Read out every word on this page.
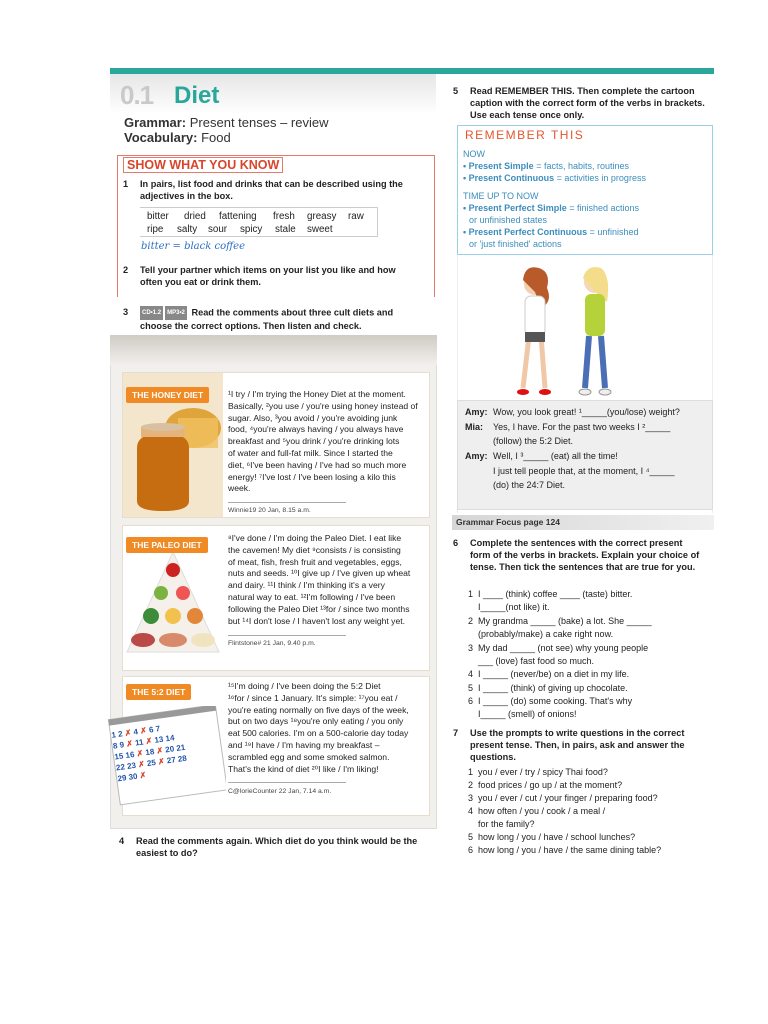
0.1 Diet
Grammar: Present tenses – review
Vocabulary: Food
SHOW WHAT YOU KNOW
1 In pairs, list food and drinks that can be described using the adjectives in the box.
bitter dried fattening fresh greasy raw
ripe salty sour spicy stale sweet
bitter = black coffee
2 Tell your partner which items on your list you like and how often you eat or drink them.
3 CD•1.2 MP3•2 Read the comments about three cult diets and choose the correct options. Then listen and check.
THE HONEY DIET	¹I try / I'm trying the Honey Diet at the moment.
Basically, ²you use / you're using honey instead of
sugar. Also, ³you avoid / you're avoiding junk
food, ⁴you're always having / you always have
breakfast and ⁵you drink / you're drinking lots
of water and full-fat milk. Since I started the
diet, ⁶I've been having / I've had so much more
energy! ⁷I've lost / I've been losing a kilo this
week.
Winnie19 20 Jan, 8.15 a.m.
THE PALEO DIET
⁸I've done / I'm doing the Paleo Diet. I eat like
the cavemen! My diet ⁹consists / is consisting
of meat, fish, fresh fruit and vegetables, eggs,
nuts and seeds. ¹⁰I give up / I've given up wheat
and dairy. ¹¹I think / I'm thinking it's a very
natural way to eat. ¹²I'm following / I've been
following the Paleo Diet ¹³for / since two months
but ¹⁴I don't lose / I haven't lost any weight yet.
Flintstone# 21 Jan, 9.40 p.m.
1 2 ✗ 4 ✗ 6 7
8 9 ✗ 11 ✗ 13 14
15 16 ✗ 18 ✗ 20 21
22 23 ✗ 25 ✗ 27 28
29 30 ✗
THE 5:2 DIET
¹⁵I'm doing / I've been doing the 5:2 Diet
¹⁶for / since 1 January. It's simple: ¹⁷you eat /
you're eating normally on five days of the week,
but on two days ¹⁸you're only eating / you only
eat 500 calories. I'm on a 500-calorie day today
and ¹⁹I have / I'm having my breakfast –
scrambled egg and some smoked salmon.
That's the kind of diet ²⁰I like / I'm liking!
C@lorieCounter 22 Jan, 7.14 a.m.
4 Read the comments again. Which diet do you think would be the easiest to do?
5 Read REMEMBER THIS. Then complete the cartoon caption with the correct form of the verbs in brackets. Use each tense once only.
REMEMBER THIS
NOW
• Present Simple = facts, habits, routines
• Present Continuous = activities in progress
TIME UP TO NOW
• Present Perfect Simple = finished actions
or unfinished states
• Present Perfect Continuous = unfinished
or 'just finished' actions
Amy: Wow, you look great! ¹_____(you/lose) weight?
Mia: Yes, I have. For the past two weeks I ²_____
(follow) the 5:2 Diet.
Amy: Well, I ³_____ (eat) all the time!
I just tell people that, at the moment, I ⁴_____
(do) the 24:7 Diet.
Grammar Focus page 124
6 Complete the sentences with the correct present form of the verbs in brackets. Explain your choice of tense. Then tick the sentences that are true for you.
1  I ____ (think) coffee ____ (taste) bitter.
I_____(not like) it.
2  My grandma _____ (bake) a lot. She _____
(probably/make) a cake right now.
3  My dad _____ (not see) why young people
___ (love) fast food so much.
4  I _____ (never/be) on a diet in my life.
5  I _____ (think) of giving up chocolate.
6  I _____ (do) some cooking. That's why
I_____ (smell) of onions!
7 Use the prompts to write questions in the correct present tense. Then, in pairs, ask and answer the questions.
1  you / ever / try / spicy Thai food?
2  food prices / go up / at the moment?
3  you / ever / cut / your finger / preparing food?
4  how often / you / cook / a meal /
for the family?
5  how long / you / have / school lunches?
6  how long / you / have / the same dining table?
